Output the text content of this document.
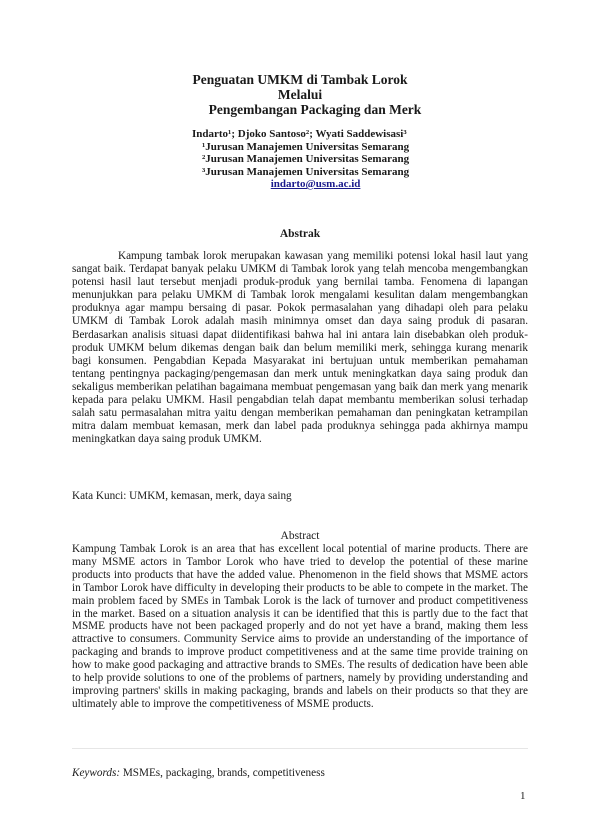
Penguatan UMKM di Tambak Lorok
Melalui
Pengembangan Packaging dan Merk
Indarto¹; Djoko Santoso²; Wyati Saddewisasi³
¹Jurusan Manajemen Universitas Semarang
²Jurusan Manajemen Universitas Semarang
³Jurusan Manajemen Universitas Semarang
indarto@usm.ac.id
Abstrak

Kampung tambak lorok merupakan kawasan yang memiliki potensi lokal hasil laut yang sangat baik. Terdapat banyak pelaku UMKM di Tambak lorok yang telah mencoba mengembangkan potensi hasil laut tersebut menjadi produk-produk yang bernilai tamba. Fenomena di lapangan menunjukkan para pelaku UMKM di Tambak lorok mengalami kesulitan dalam mengembangkan produknya agar mampu bersaing di pasar. Pokok permasalahan yang dihadapi oleh para pelaku UMKM di Tambak Lorok adalah masih minimnya omset dan daya saing produk di pasaran. Berdasarkan analisis situasi dapat diidentifikasi bahwa hal ini antara lain disebabkan oleh produk-produk UMKM belum dikemas dengan baik dan belum memiliki merk, sehingga kurang menarik bagi konsumen. Pengabdian Kepada Masyarakat ini bertujuan untuk memberikan pemahaman tentang pentingnya packaging/pengemasan dan merk untuk meningkatkan daya saing produk dan sekaligus memberikan pelatihan bagaimana membuat pengemasan yang baik dan merk yang menarik kepada para pelaku UMKM. Hasil pengabdian telah dapat membantu memberikan solusi terhadap salah satu permasalahan mitra yaitu dengan memberikan pemahaman dan peningkatan ketrampilan mitra dalam membuat kemasan, merk dan label pada produknya sehingga pada akhirnya mampu meningkatkan daya saing produk UMKM.

Kata Kunci: UMKM, kemasan, merk, daya saing
Abstract

Kampung Tambak Lorok is an area that has excellent local potential of marine products. There are many MSME actors in Tambor Lorok who have tried to develop the potential of these marine products into products that have the added value. Phenomenon in the field shows that MSME actors in Tambor Lorok have difficulty in developing their products to be able to compete in the market. The main problem faced by SMEs in Tambak Lorok is the lack of turnover and product competitiveness in the market. Based on a situation analysis it can be identified that this is partly due to the fact that MSME products have not been packaged properly and do not yet have a brand, making them less attractive to consumers. Community Service aims to provide an understanding of the importance of packaging and brands to improve product competitiveness and at the same time provide training on how to make good packaging and attractive brands to SMEs. The results of dedication have been able to help provide solutions to one of the problems of partners, namely by providing understanding and improving partners' skills in making packaging, brands and labels on their products so that they are ultimately able to improve the competitiveness of MSME products.

Keywords: MSMEs, packaging, brands, competitiveness
1
